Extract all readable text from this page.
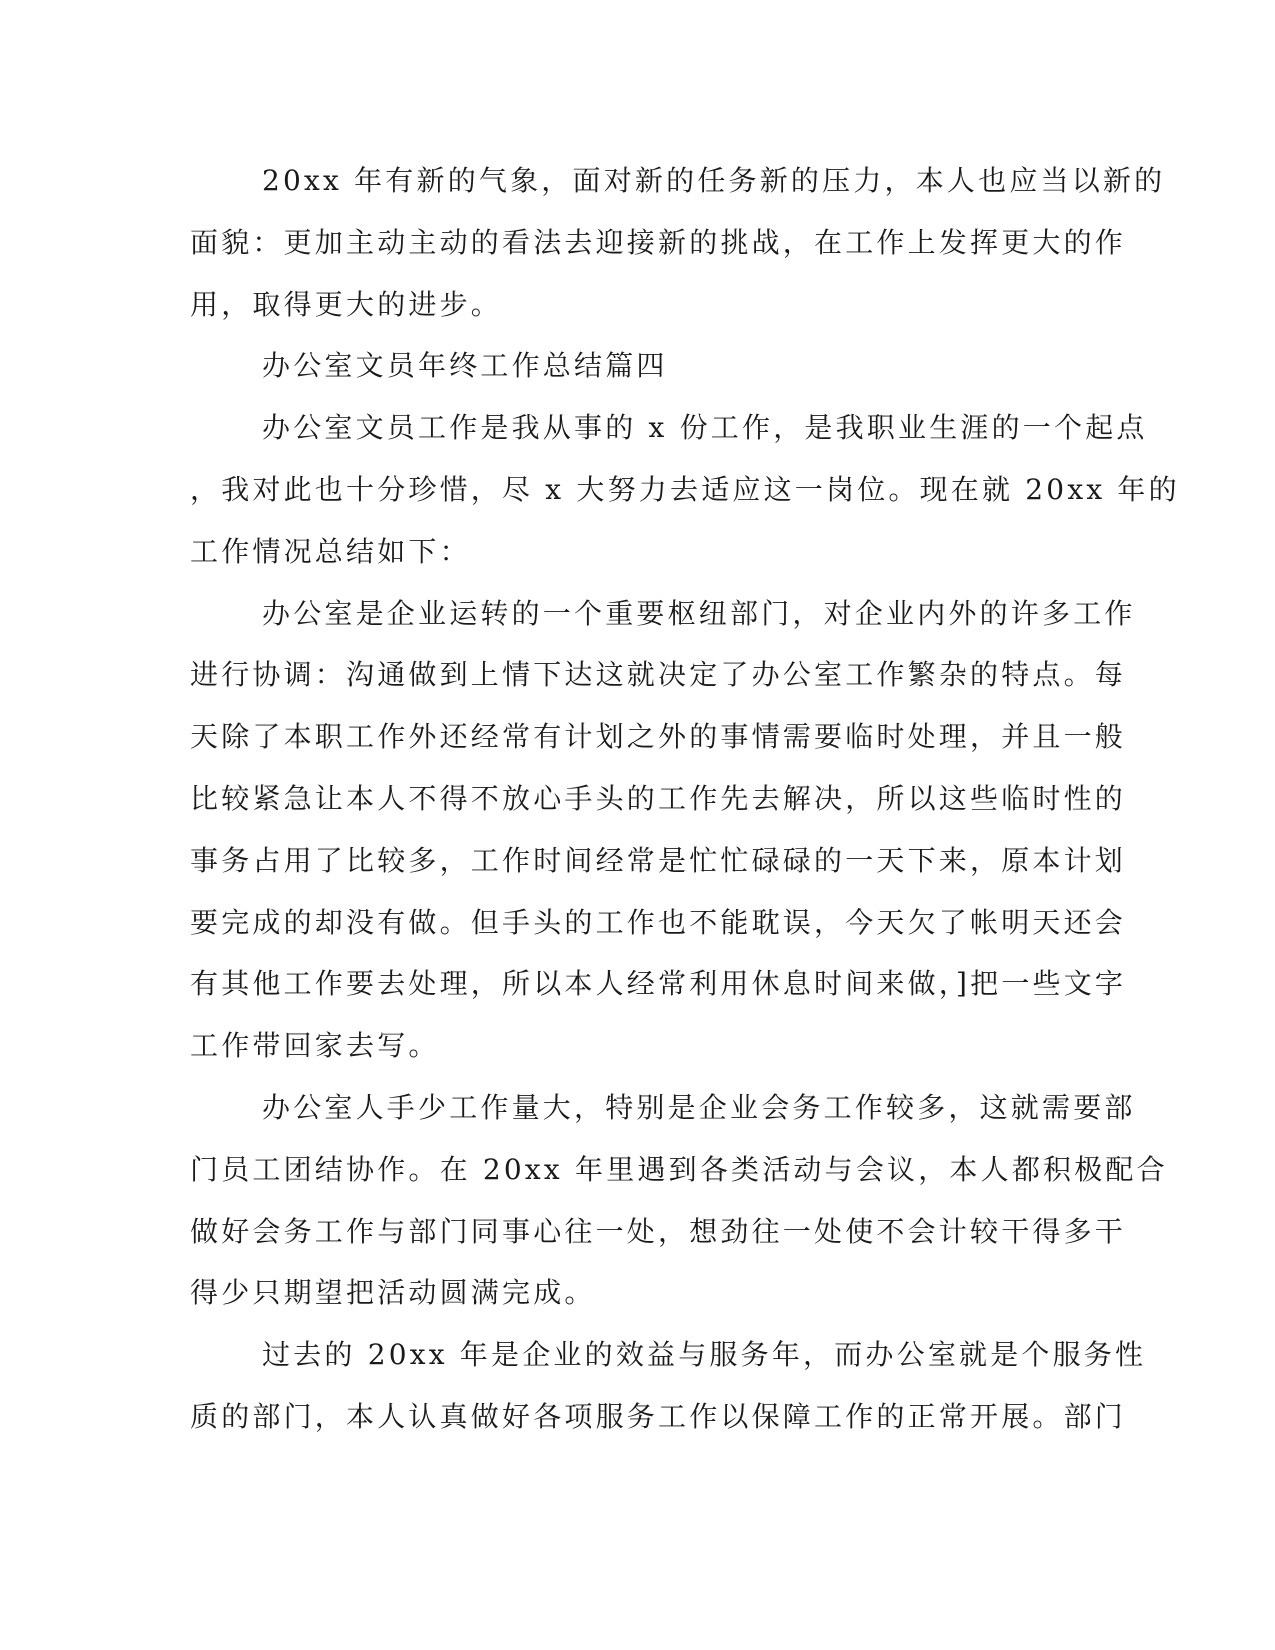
20xx 年有新的气象，面对新的任务新的压力，本人也应当以新的
面貌：更加主动主动的看法去迎接新的挑战，在工作上发挥更大的作
用，取得更大的进步。
办公室文员年终工作总结篇四
办公室文员工作是我从事的 x 份工作，是我职业生涯的一个起点
，我对此也十分珍惜，尽 x 大努力去适应这一岗位。现在就 20xx 年的
工作情况总结如下：
办公室是企业运转的一个重要枢纽部门，对企业内外的许多工作
进行协调：沟通做到上情下达这就决定了办公室工作繁杂的特点。每
天除了本职工作外还经常有计划之外的事情需要临时处理，并且一般
比较紧急让本人不得不放心手头的工作先去解决，所以这些临时性的
事务占用了比较多，工作时间经常是忙忙碌碌的一天下来，原本计划
要完成的却没有做。但手头的工作也不能耽误，今天欠了帐明天还会
有其他工作要去处理，所以本人经常利用休息时间来做，]把一些文字
工作带回家去写。
办公室人手少工作量大，特别是企业会务工作较多，这就需要部
门员工团结协作。在 20xx 年里遇到各类活动与会议，本人都积极配合
做好会务工作与部门同事心往一处，想劲往一处使不会计较干得多干
得少只期望把活动圆满完成。
过去的 20xx 年是企业的效益与服务年，而办公室就是个服务性
质的部门，本人认真做好各项服务工作以保障工作的正常开展。部门
